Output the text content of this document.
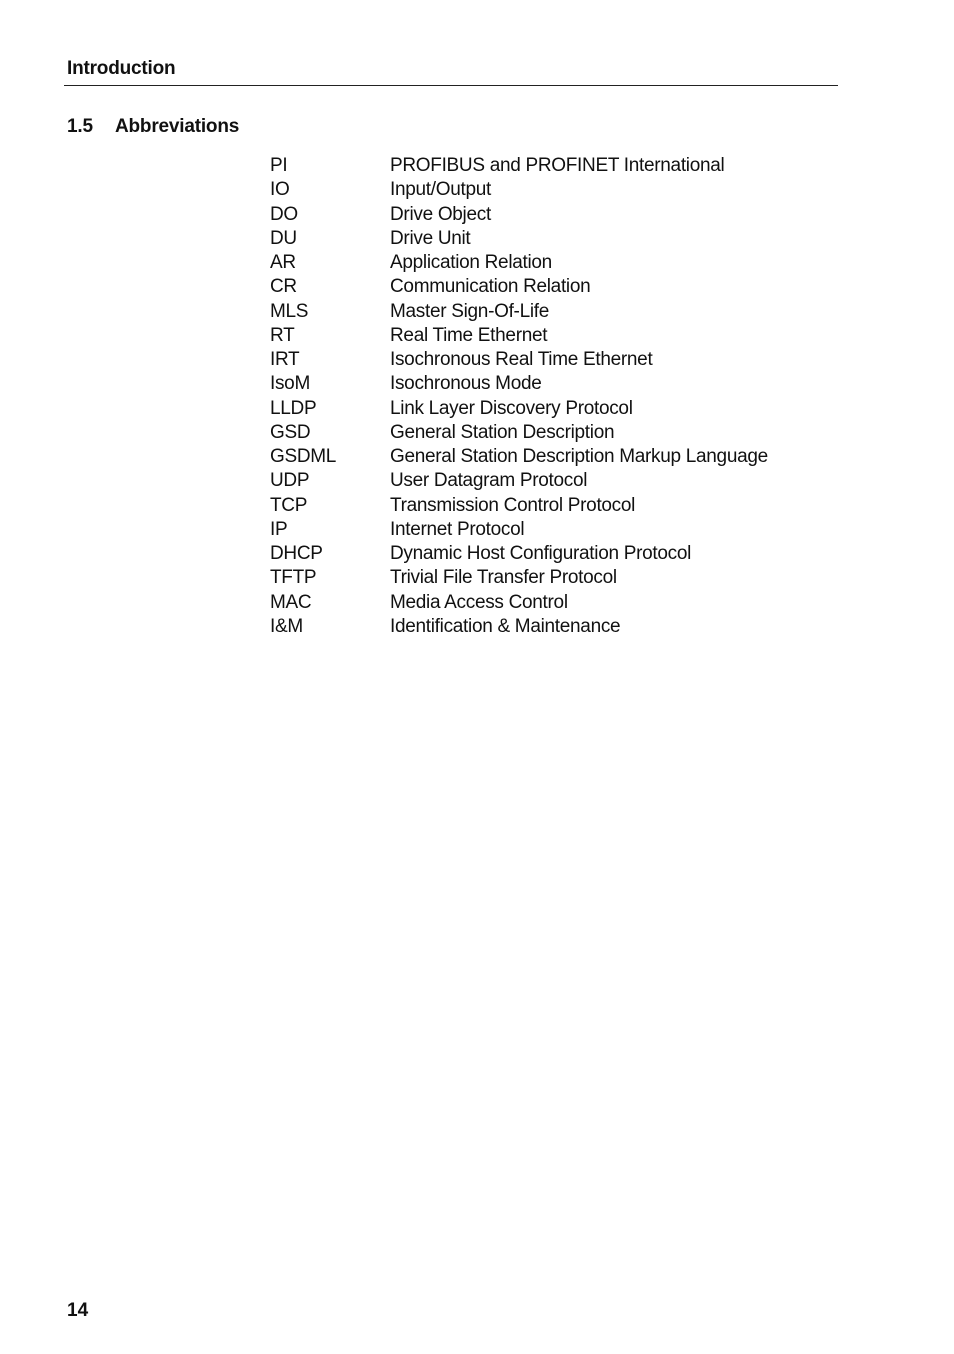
Introduction
1.5 Abbreviations
PI	PROFIBUS and PROFINET International
IO	Input/Output
DO	Drive Object
DU	Drive Unit
AR	Application Relation
CR	Communication Relation
MLS	Master Sign-Of-Life
RT	Real Time Ethernet
IRT	Isochronous Real Time Ethernet
IsoM	Isochronous Mode
LLDP	Link Layer Discovery Protocol
GSD	General Station Description
GSDML	General Station Description Markup Language
UDP	User Datagram Protocol
TCP	Transmission Control Protocol
IP	Internet Protocol
DHCP	Dynamic Host Configuration Protocol
TFTP	Trivial File Transfer Protocol
MAC	Media Access Control
I&M	Identification & Maintenance
14
